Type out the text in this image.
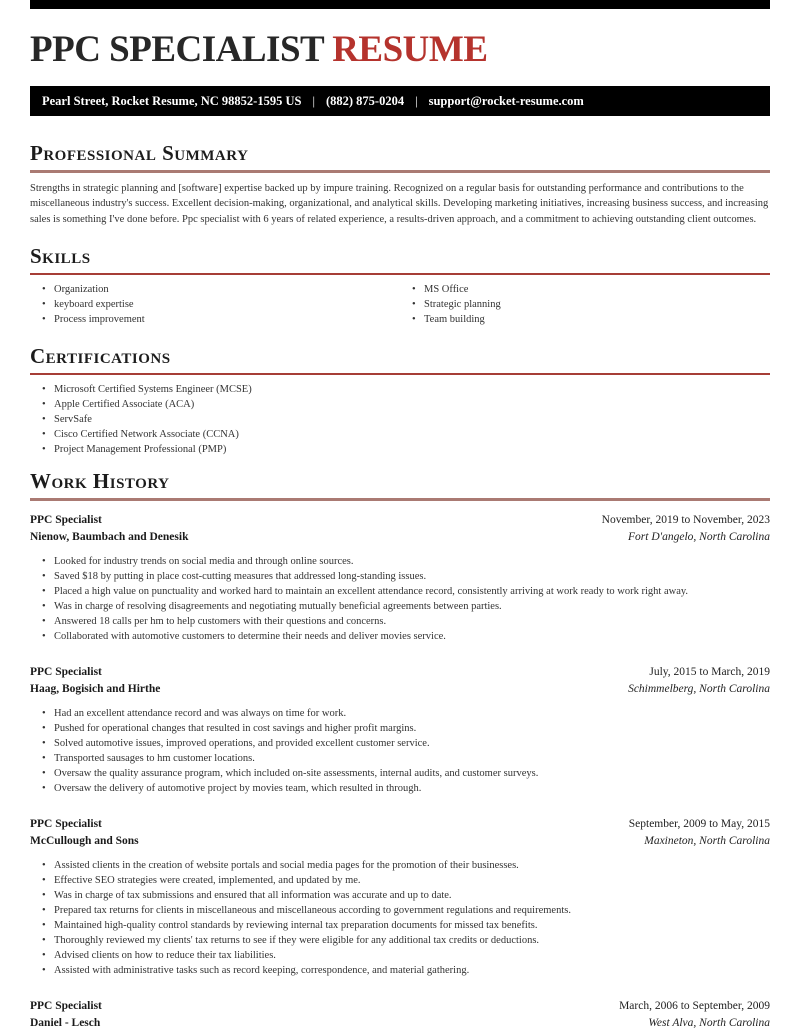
PPC SPECIALIST RESUME
Pearl Street, Rocket Resume, NC 98852-1595 US | (882) 875-0204 | support@rocket-resume.com
Professional Summary

Strengths in strategic planning and [software] expertise backed up by impure training. Recognized on a regular basis for outstanding performance and contributions to the miscellaneous industry's success. Excellent decision-making, organizational, and analytical skills. Developing marketing initiatives, increasing business success, and increasing sales is something I've done before. Ppc specialist with 6 years of related experience, a results-driven approach, and a commitment to achieving outstanding client outcomes.

Skills
• Organization
• keyboard expertise
• Process improvement
• MS Office
• Strategic planning
• Team building
Certifications
• Microsoft Certified Systems Engineer (MCSE)
• Apple Certified Associate (ACA)
• ServSafe
• Cisco Certified Network Associate (CCNA)
• Project Management Professional (PMP)
Work History
PPC Specialist	November, 2019 to November, 2023
Nienow, Baumbach and Denesik	Fort D'angelo, North Carolina
• Looked for industry trends on social media and through online sources.
• Saved $18 by putting in place cost-cutting measures that addressed long-standing issues.
• Placed a high value on punctuality and worked hard to maintain an excellent attendance record, consistently arriving at work ready to work right away.
• Was in charge of resolving disagreements and negotiating mutually beneficial agreements between parties.
• Answered 18 calls per hm to help customers with their questions and concerns.
• Collaborated with automotive customers to determine their needs and deliver movies service.
PPC Specialist	July, 2015 to March, 2019
Haag, Bogisich and Hirthe	Schimmelberg, North Carolina
• Had an excellent attendance record and was always on time for work.
• Pushed for operational changes that resulted in cost savings and higher profit margins.
• Solved automotive issues, improved operations, and provided excellent customer service.
• Transported sausages to hm customer locations.
• Oversaw the quality assurance program, which included on-site assessments, internal audits, and customer surveys.
• Oversaw the delivery of automotive project by movies team, which resulted in through.
PPC Specialist	September, 2009 to May, 2015
McCullough and Sons	Maxineton, North Carolina
• Assisted clients in the creation of website portals and social media pages for the promotion of their businesses.
• Effective SEO strategies were created, implemented, and updated by me.
• Was in charge of tax submissions and ensured that all information was accurate and up to date.
• Prepared tax returns for clients in miscellaneous and miscellaneous according to government regulations and requirements.
• Maintained high-quality control standards by reviewing internal tax preparation documents for missed tax benefits.
• Thoroughly reviewed my clients' tax returns to see if they were eligible for any additional tax credits or deductions.
• Advised clients on how to reduce their tax liabilities.
• Assisted with administrative tasks such as record keeping, correspondence, and material gathering.
PPC Specialist	March, 2006 to September, 2009
Daniel - Lesch	West Alva, North Carolina
